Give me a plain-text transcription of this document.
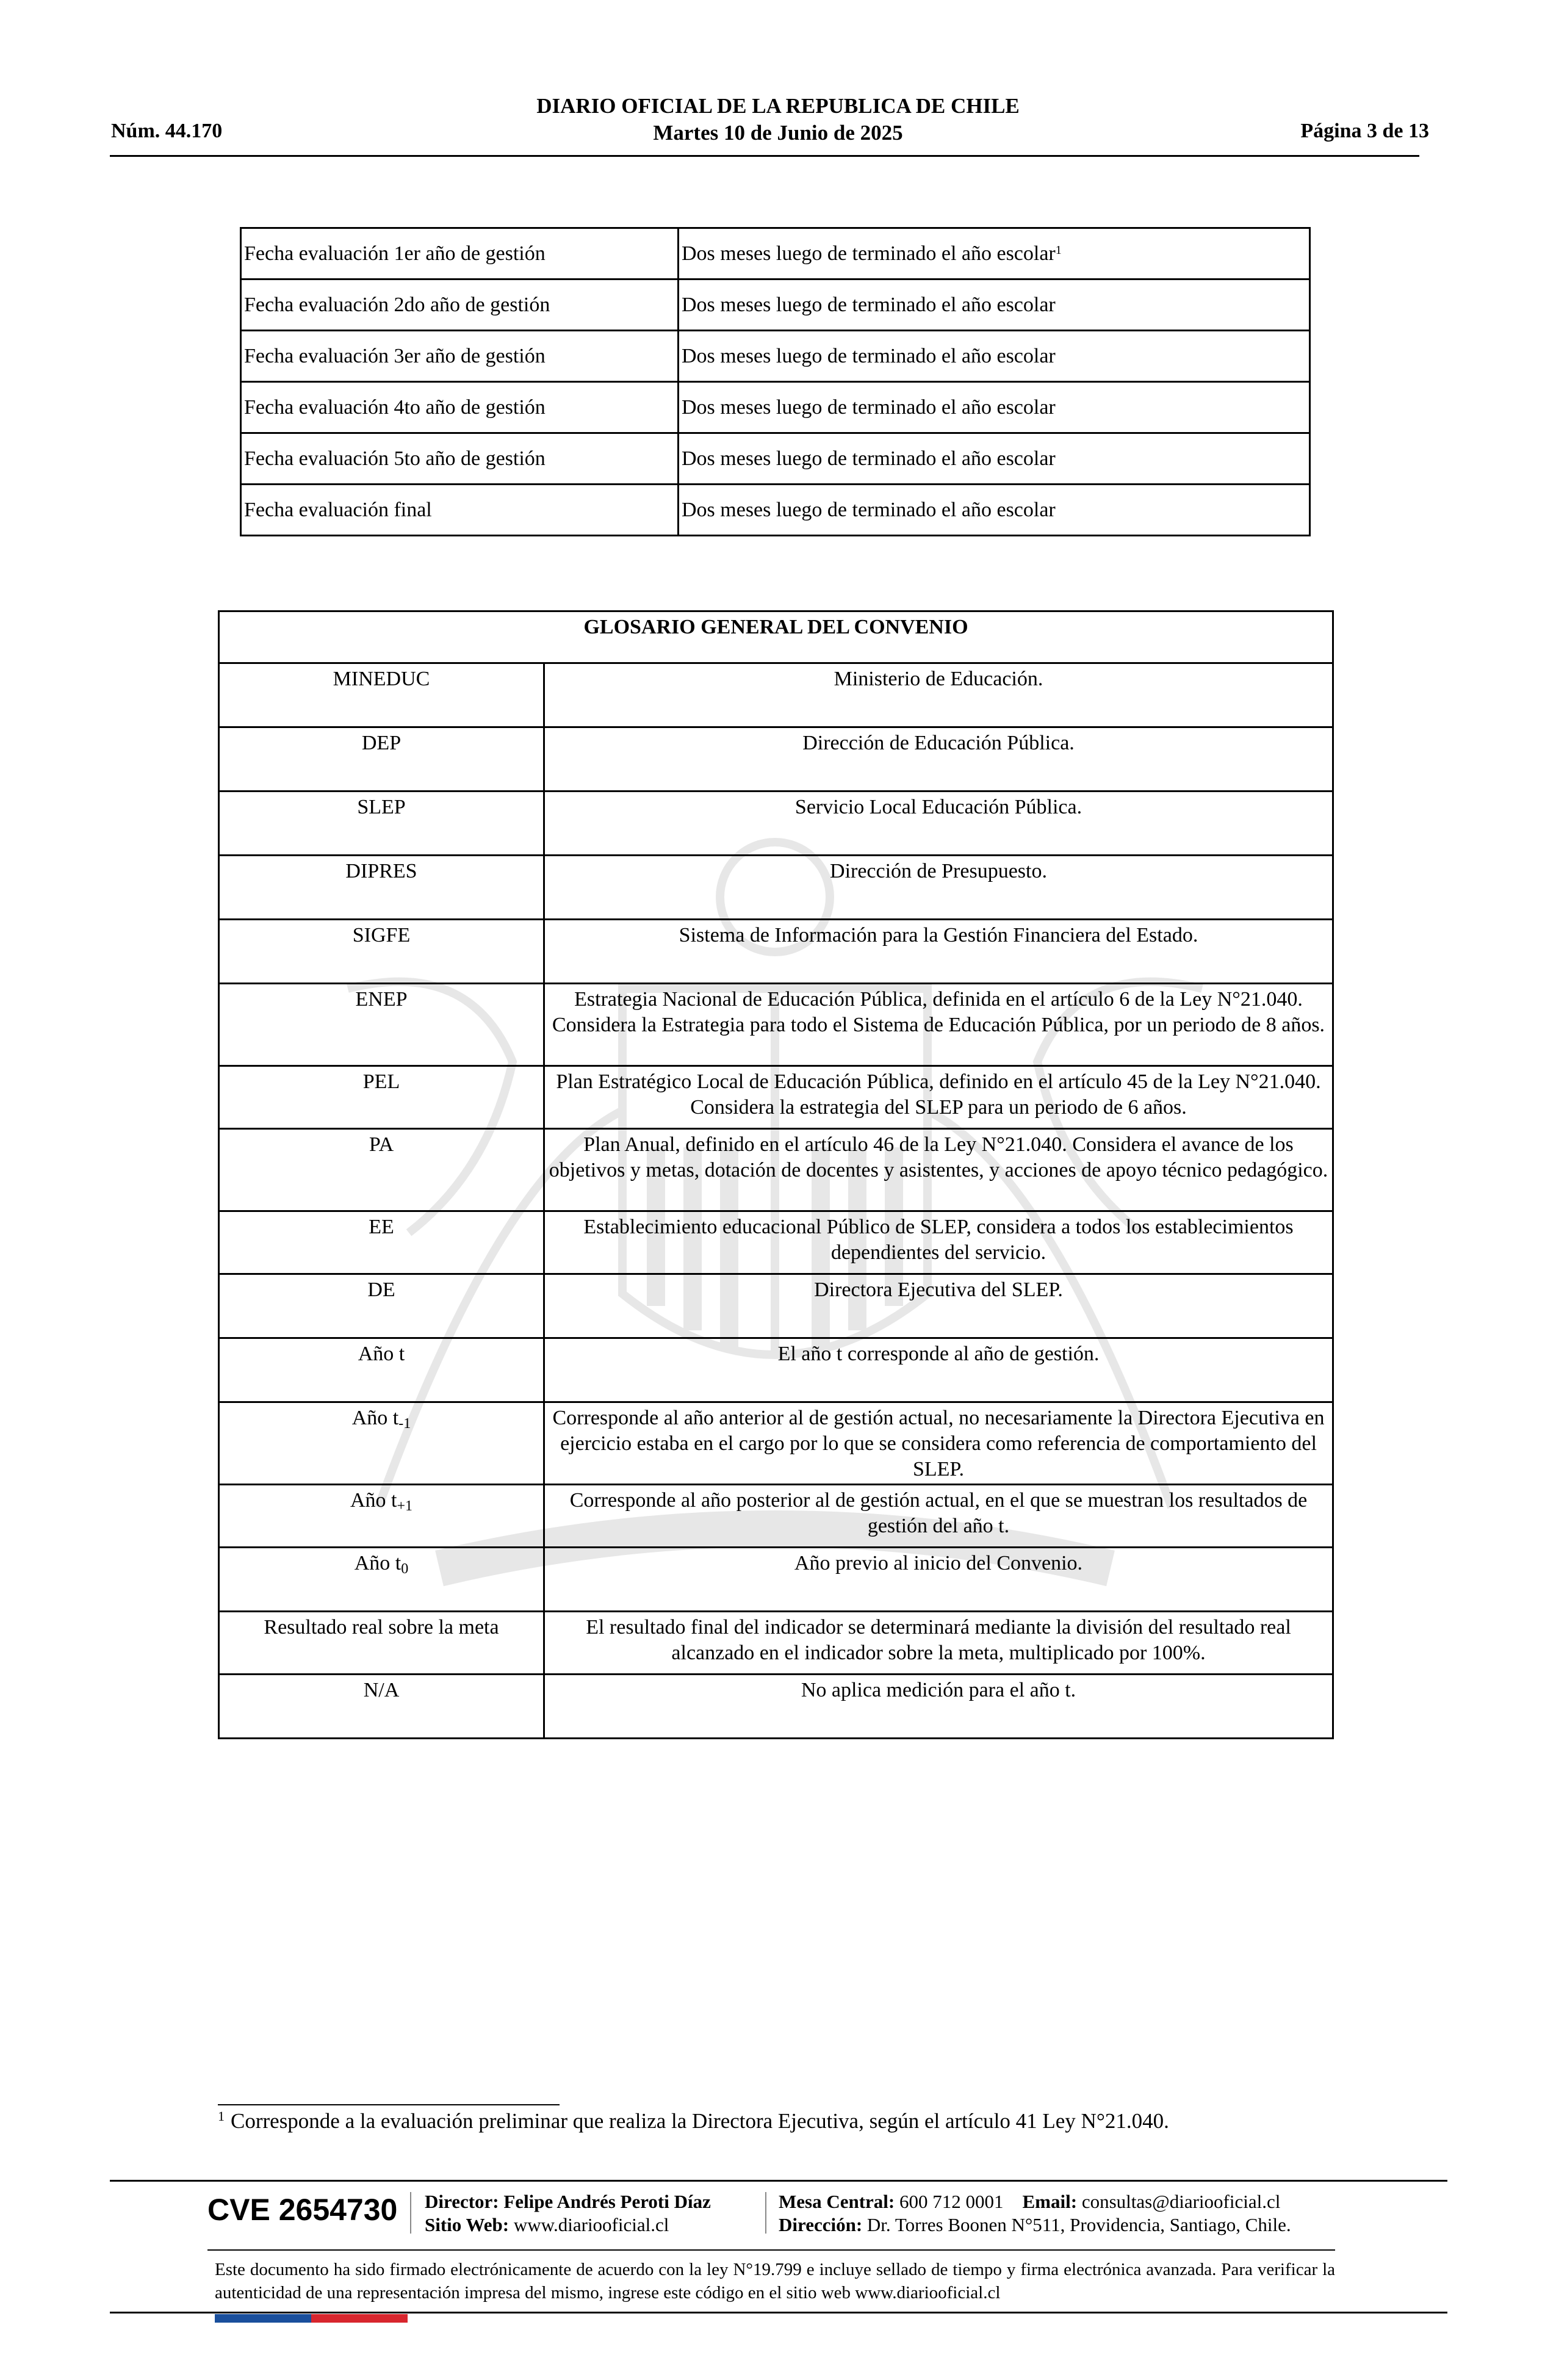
DIARIO OFICIAL DE LA REPUBLICA DE CHILE
Núm. 44.170	Martes 10 de Junio de 2025	Página 3 de 13
Fecha evaluación 1er año de gestión	Dos meses luego de terminado el año escolar$^1$
Fecha evaluación 2do año de gestión	Dos meses luego de terminado el año escolar
Fecha evaluación 3er año de gestión	Dos meses luego de terminado el año escolar
Fecha evaluación 4to año de gestión	Dos meses luego de terminado el año escolar
Fecha evaluación 5to año de gestión	Dos meses luego de terminado el año escolar
Fecha evaluación final	Dos meses luego de terminado el año escolar
GLOSARIO GENERAL DEL CONVENIO	
MINEDUC	Ministerio de Educación.
DEP	Dirección de Educación Pública.
SLEP	Servicio Local Educación Pública.
DIPRES	Dirección de Presupuesto.
SIGFE	Sistema de Información para la Gestión Financiera del Estado.
ENEP	Estrategia Nacional de Educación Pública, definida en el artículo 6 de la Ley N°21.040. Considera la Estrategia para todo el Sistema de Educación Pública, por un periodo de 8 años.
PEL	Plan Estratégico Local de Educación Pública, definido en el artículo 45 de la Ley N°21.040. Considera la estrategia del SLEP para un periodo de 6 años.
PA	Plan Anual, definido en el artículo 46 de la Ley N°21.040. Considera el avance de los objetivos y metas, dotación de docentes y asistentes, y acciones de apoyo técnico pedagógico.
EE	Establecimiento educacional Público de SLEP, considera a todos los establecimientos dependientes del servicio.
DE	Directora Ejecutiva del SLEP.
Año t	El año t corresponde al año de gestión.
Año $t_{-1}$	Corresponde al año anterior al de gestión actual, no necesariamente la Directora Ejecutiva en ejercicio estaba en el cargo por lo que se considera como referencia de comportamiento del SLEP.
Año $t_{+1}$	Corresponde al año posterior al de gestión actual, en el que se muestran los resultados de gestión del año t.
Año $t_0$	Año previo al inicio del Convenio.
Resultado real sobre la meta	El resultado final del indicador se determinará mediante la división del resultado real alcanzado en el indicador sobre la meta, multiplicado por 100%.
N/A	No aplica medición para el año t.
$^1$ Corresponde a la evaluación preliminar que realiza la Directora Ejecutiva, según el artículo 41 Ley N°21.040.
CVE 2654730 Director: Felipe Andrés Peroti Díaz
Sitio Web: www.diariooficial.cl
Mesa Central: 600 712 0001 Email: consultas@diariooficial.cl
Dirección: Dr. Torres Boonen N°511, Providencia, Santiago, Chile.
Este documento ha sido firmado electrónicamente de acuerdo con la ley N°19.799 e incluye sellado de tiempo y firma electrónica avanzada. Para verificar la autenticidad de una representación impresa del mismo, ingrese este código en el sitio web www.diariooficial.cl
